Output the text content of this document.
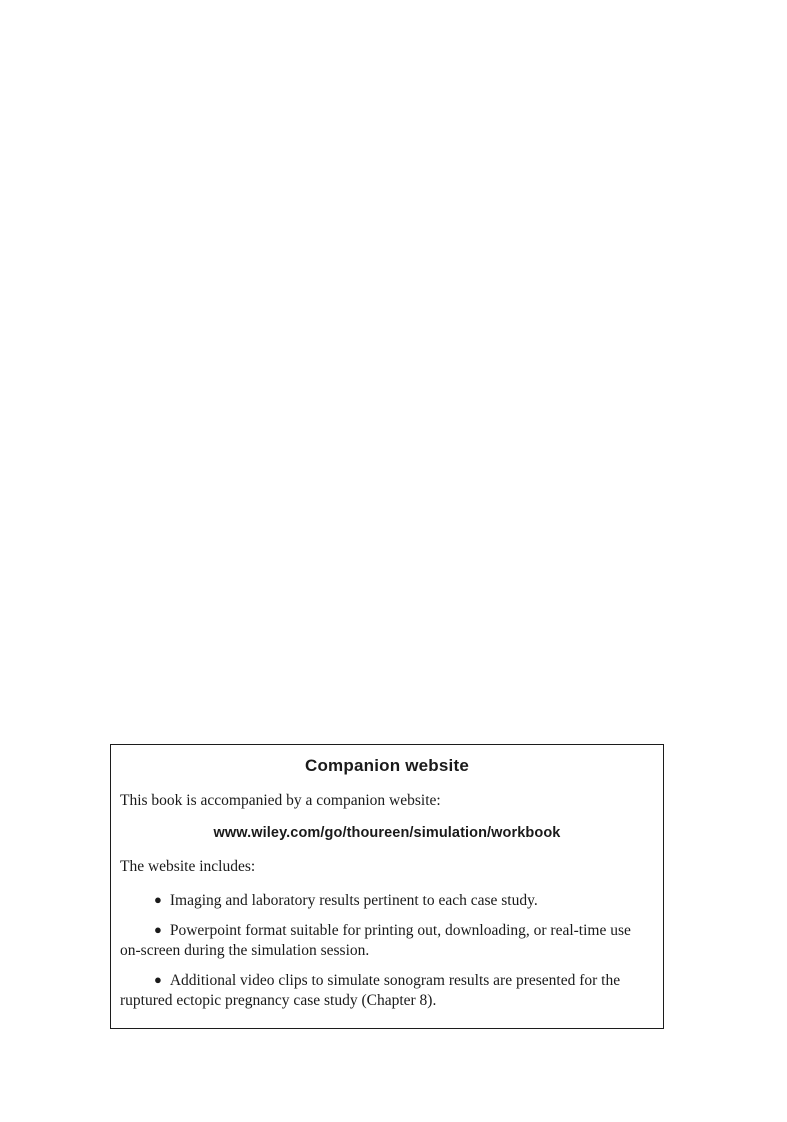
Companion website

This book is accompanied by a companion website:

www.wiley.com/go/thoureen/simulation/workbook

The website includes:

● Imaging and laboratory results pertinent to each case study.
● Powerpoint format suitable for printing out, downloading, or real-time use on-screen during the simulation session.
● Additional video clips to simulate sonogram results are presented for the ruptured ectopic pregnancy case study (Chapter 8).
